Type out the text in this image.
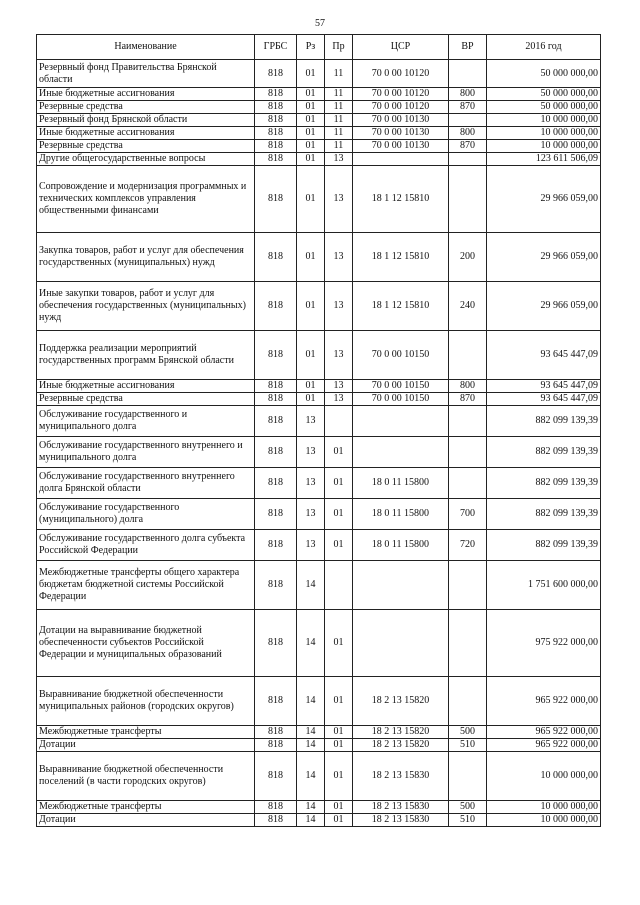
57
Наименование	ГРБС	Рз	Пр	ЦСР	ВР	2016 год
Резервный фонд Правительства Брянской области	818	01	11	70 0 00 10120		50 000 000,00
Иные бюджетные ассигнования	818	01	11	70 0 00 10120	800	50 000 000,00
Резервные средства	818	01	11	70 0 00 10120	870	50 000 000,00
Резервный фонд Брянской области	818	01	11	70 0 00 10130		10 000 000,00
Иные бюджетные ассигнования	818	01	11	70 0 00 10130	800	10 000 000,00
Резервные средства	818	01	11	70 0 00 10130	870	10 000 000,00
Другие общегосударственные вопросы	818	01	13			123 611 506,09
Сопровождение и модернизация программных и технических комплексов управления общественными финансами	818	01	13	18 1 12 15810		29 966 059,00
Закупка товаров, работ и услуг для обеспечения государственных (муниципальных) нужд	818	01	13	18 1 12 15810	200	29 966 059,00
Иные закупки товаров, работ и услуг для обеспечения государственных (муниципальных) нужд	818	01	13	18 1 12 15810	240	29 966 059,00
Поддержка реализации мероприятий государственных программ Брянской области	818	01	13	70 0 00 10150		93 645 447,09
Иные бюджетные ассигнования	818	01	13	70 0 00 10150	800	93 645 447,09
Резервные средства	818	01	13	70 0 00 10150	870	93 645 447,09
Обслуживание государственного и муниципального долга	818	13				882 099 139,39
Обслуживание государственного внутреннего и муниципального долга	818	13	01			882 099 139,39
Обслуживание государственного внутреннего долга Брянской области	818	13	01	18 0 11 15800		882 099 139,39
Обслуживание государственного (муниципального) долга	818	13	01	18 0 11 15800	700	882 099 139,39
Обслуживание государственного долга субъекта Российской Федерации	818	13	01	18 0 11 15800	720	882 099 139,39
Межбюджетные трансферты общего характера бюджетам бюджетной системы Российской Федерации	818	14				1 751 600 000,00
Дотации на выравнивание бюджетной обеспеченности субъектов Российской Федерации и муниципальных образований	818	14	01			975 922 000,00
Выравнивание бюджетной обеспеченности муниципальных районов (городских округов)	818	14	01	18 2 13 15820		965 922 000,00
Межбюджетные трансферты	818	14	01	18 2 13 15820	500	965 922 000,00
Дотации	818	14	01	18 2 13 15820	510	965 922 000,00
Выравнивание бюджетной обеспеченности поселений (в части городских округов)	818	14	01	18 2 13 15830		10 000 000,00
Межбюджетные трансферты	818	14	01	18 2 13 15830	500	10 000 000,00
Дотации	818	14	01	18 2 13 15830	510	10 000 000,00
